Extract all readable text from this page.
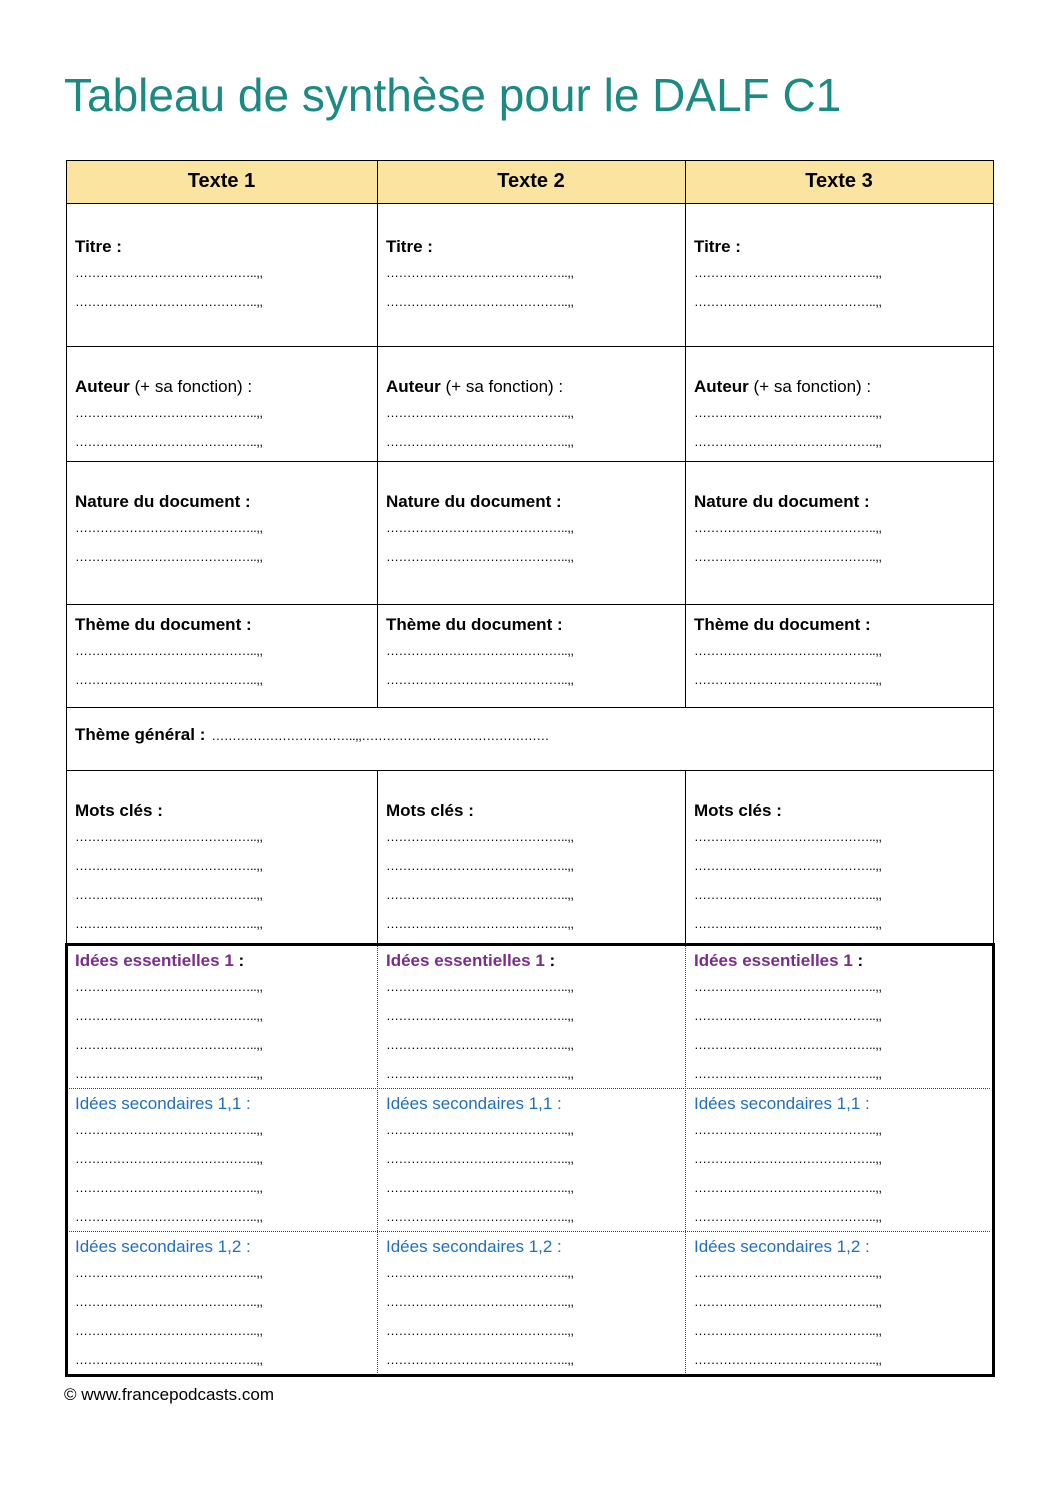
Tableau de synthèse pour le DALF C1
Texte 1	Texte 2	Texte 3
Titre :
……………………………………..,,
……………………………………..,,
Titre :
……………………………………..,,
……………………………………..,,
Titre :
……………………………………..,,
……………………………………..,,
Auteur (+ sa fonction) :
……………………………………..,,
……………………………………..,,
Auteur (+ sa fonction) :
……………………………………..,,
……………………………………..,,
Auteur (+ sa fonction) :
……………………………………..,,
……………………………………..,,
Nature du document :
……………………………………..,,
……………………………………..,,
Nature du document :
……………………………………..,,
……………………………………..,,
Nature du document :
……………………………………..,,
……………………………………..,,
Thème du document :
……………………………………..,,
……………………………………..,,
Thème du document :
……………………………………..,,
……………………………………..,,
Thème du document :
……………………………………..,,
……………………………………..,,
Thème général : ……………………………..,,………………………………………
Mots clés :
……………………………………..,,
……………………………………..,,
……………………………………..,,
……………………………………..,,
Mots clés :
……………………………………..,,
……………………………………..,,
……………………………………..,,
……………………………………..,,
Mots clés :
……………………………………..,,
……………………………………..,,
……………………………………..,,
……………………………………..,,
Idées essentielles 1 :
……………………………………..,,
……………………………………..,,
……………………………………..,,
……………………………………..,,
Idées essentielles 1 :
……………………………………..,,
……………………………………..,,
……………………………………..,,
……………………………………..,,
Idées essentielles 1 :
……………………………………..,,
……………………………………..,,
……………………………………..,,
……………………………………..,,
Idées secondaires 1,1 :
……………………………………..,,
……………………………………..,,
……………………………………..,,
……………………………………..,,
Idées secondaires 1,1 :
……………………………………..,,
……………………………………..,,
……………………………………..,,
……………………………………..,,
Idées secondaires 1,1 :
……………………………………..,,
……………………………………..,,
……………………………………..,,
……………………………………..,,
Idées secondaires 1,2 :
……………………………………..,,
……………………………………..,,
……………………………………..,,
……………………………………..,,
Idées secondaires 1,2 :
……………………………………..,,
……………………………………..,,
……………………………………..,,
……………………………………..,,
Idées secondaires 1,2 :
……………………………………..,,
……………………………………..,,
……………………………………..,,
……………………………………..,,
© www.francepodcasts.com
